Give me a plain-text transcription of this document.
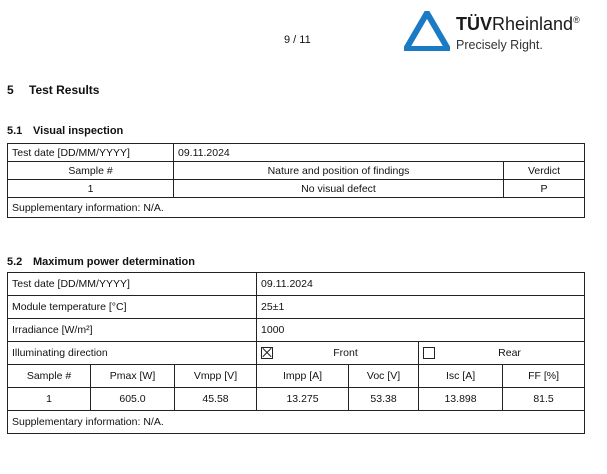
9 / 11
TÜVRheinland®
Precisely Right.
5 Test Results
5.1 Visual inspection
Test date [DD/MM/YYYY]	09.11.2024	
Sample #	Nature and position of findings	Verdict
1	No visual defect	P
Supplementary information: N/A.		
5.2 Maximum power determination
Test date [DD/MM/YYYY]			09.11.2024			
Module temperature [°C]			25±1			
Irradiance [W/m²]			1000			
Illuminating direction			Front		Rear	

Sample #	Pmax [W]	Vmpp [V]	Impp [A]	Voc [V]	Isc [A]	FF [%]
1	605.0	45.58	13.275	53.38	13.898	81.5
Supplementary information: N/A.						
